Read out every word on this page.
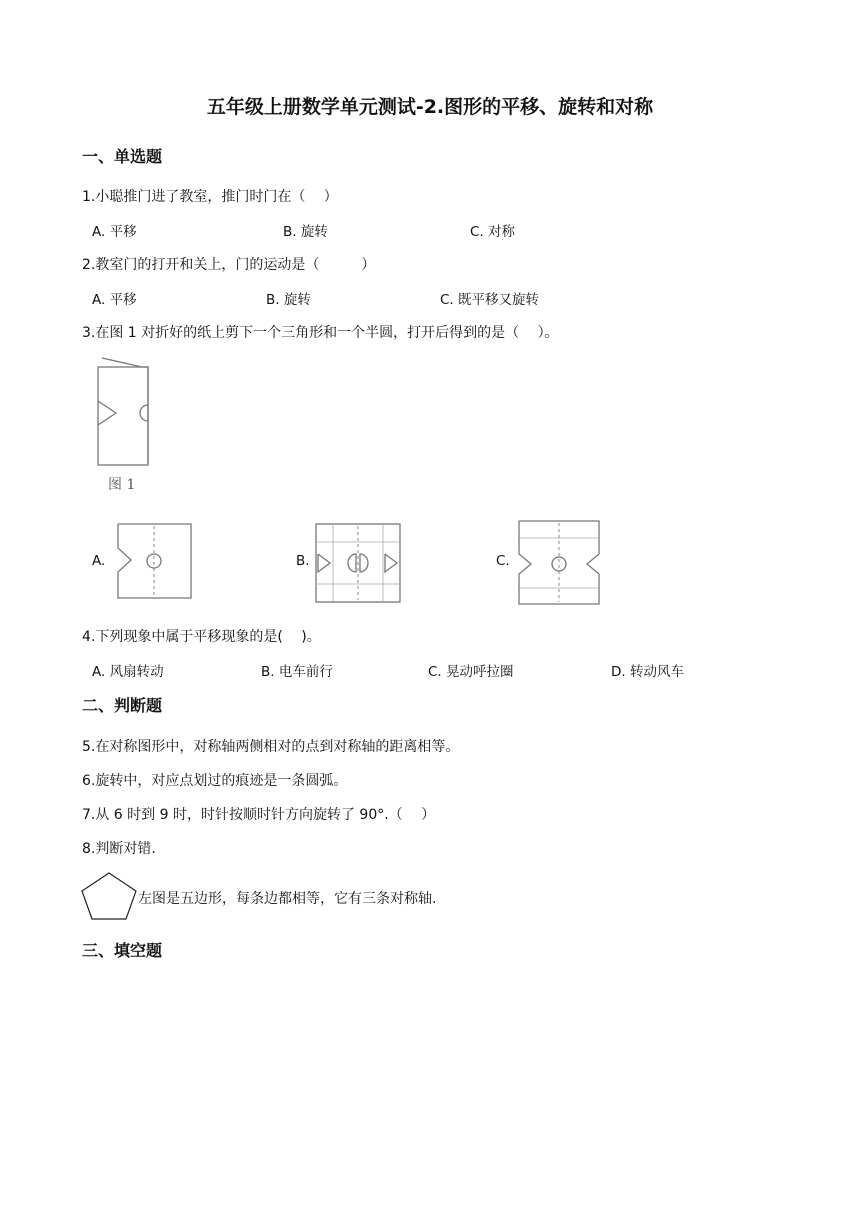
五年级上册数学单元测试-2.图形的平移、旋转和对称
一、单选题
1.小聪推门进了教室，推门时门在（　 ）
A. 平移	B. 旋转	C. 对称
2.教室门的打开和关上，门的运动是（　　　）
A. 平移	B. 旋转	C. 既平移又旋转
3.在图 1 对折好的纸上剪下一个三角形和一个半圆，打开后得到的是（　 ）。
图 1
A.	B.	C.
4.下列现象中属于平移现象的是(　 )。
A. 风扇转动	B. 电车前行	C. 晃动呼拉圈	D. 转动风车
二、判断题
5.在对称图形中，对称轴两侧相对的点到对称轴的距离相等。
6.旋转中，对应点划过的痕迹是一条圆弧。
7.从 6 时到 9 时，时针按顺时针方向旋转了 90°.（　 ）
8.判断对错.
左图是五边形，每条边都相等，它有三条对称轴.
三、填空题
